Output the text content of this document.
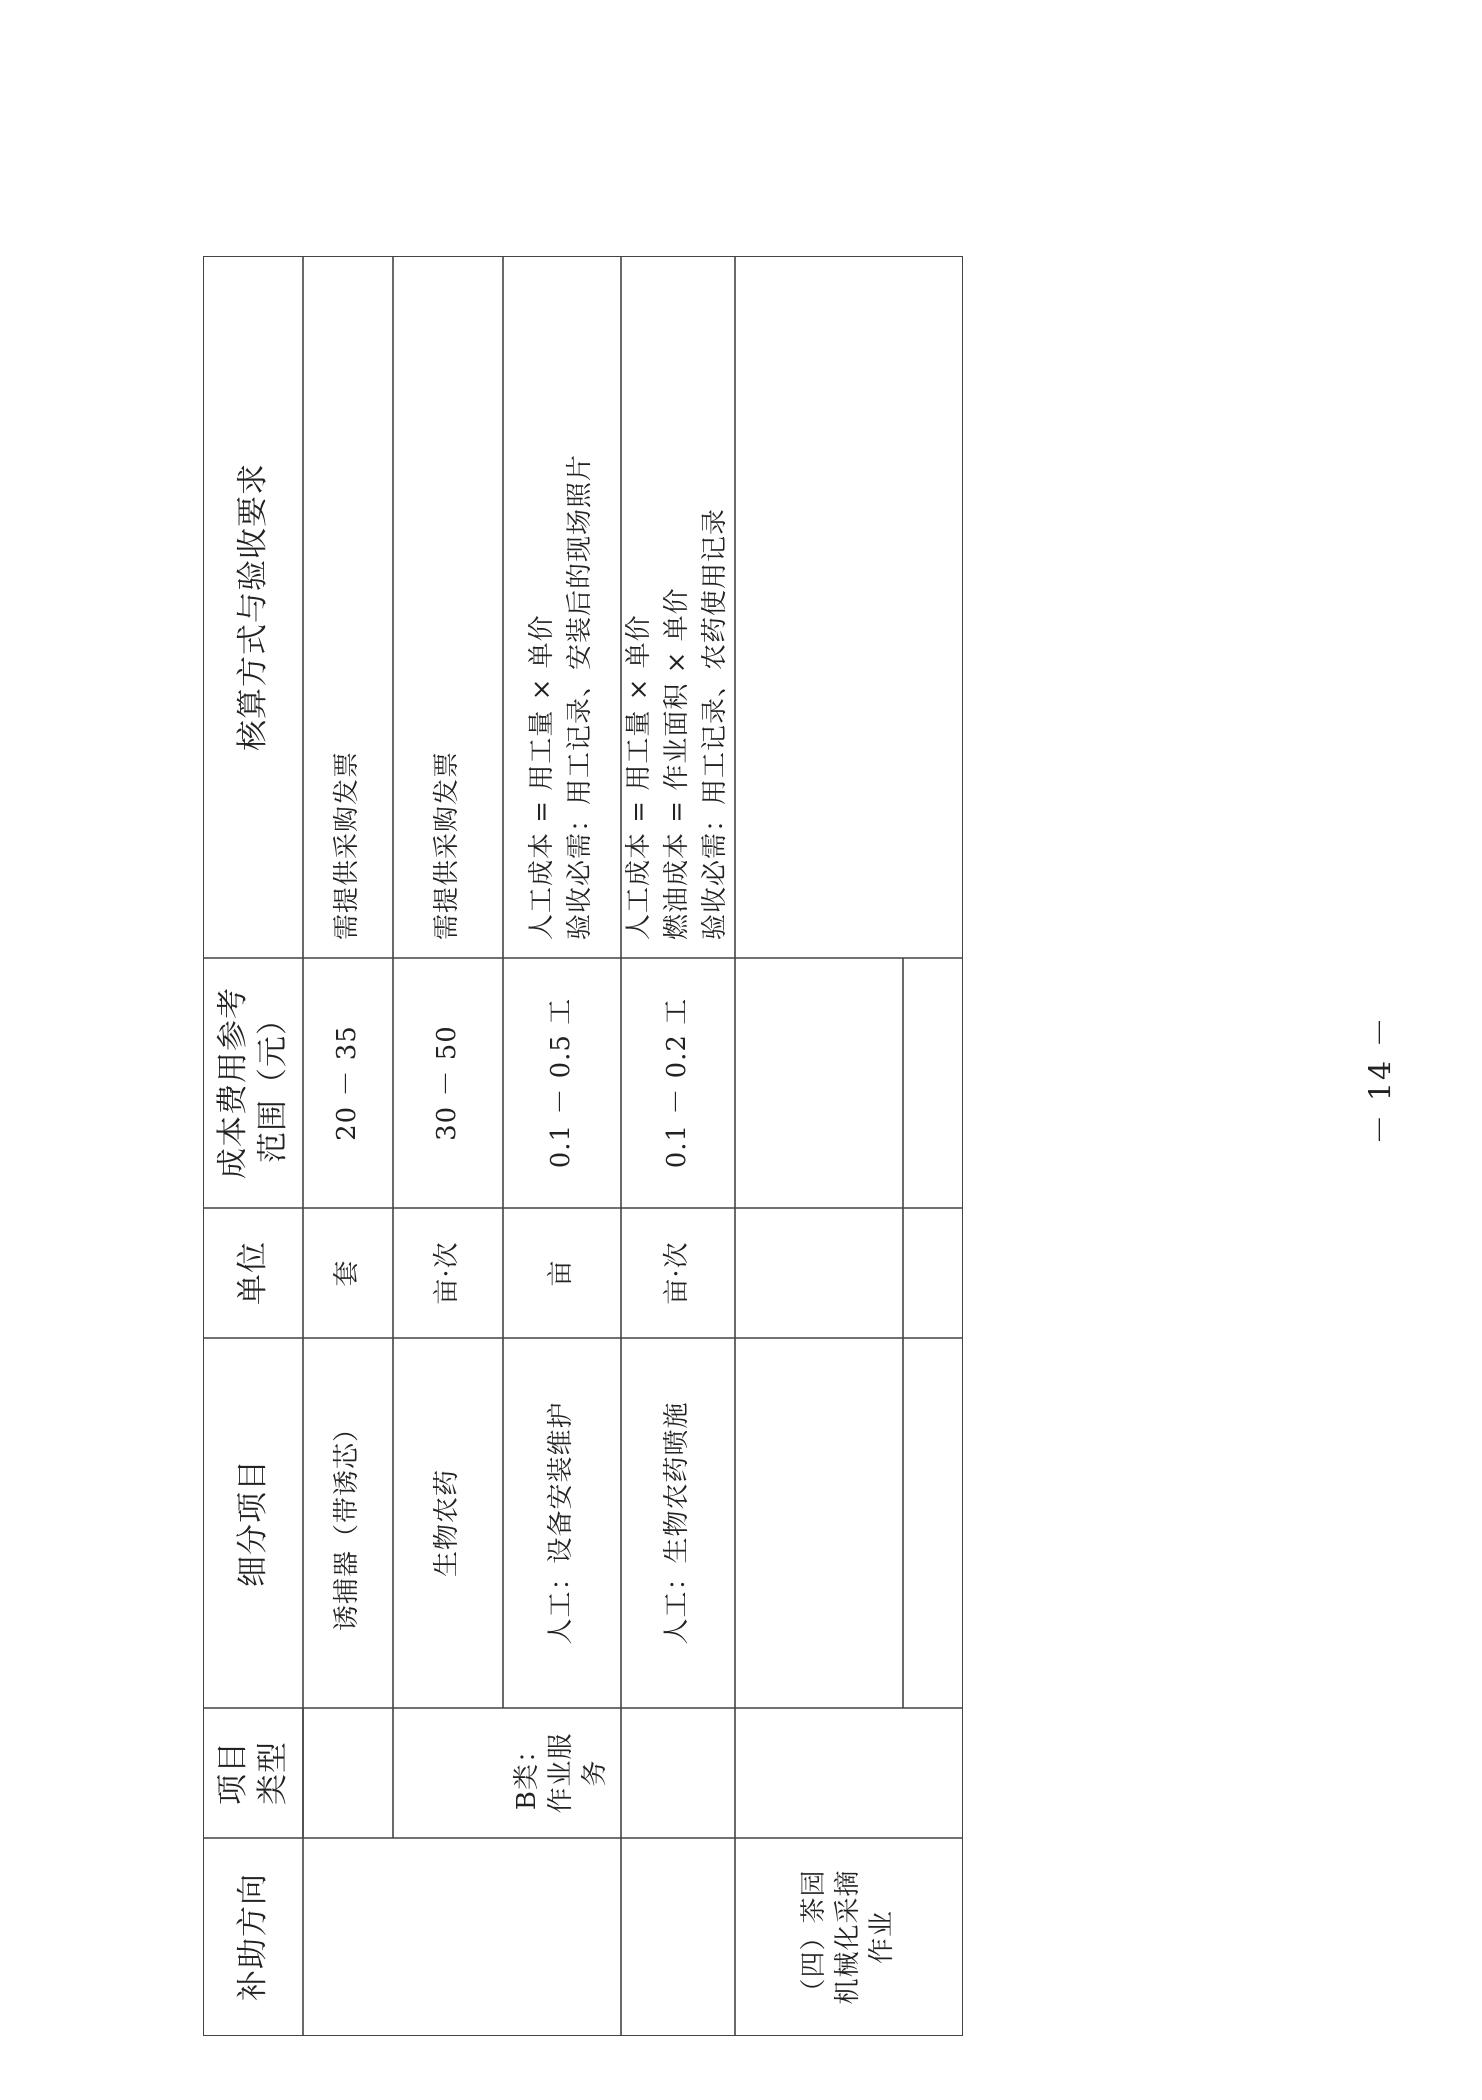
补助方向
项目类型
细分项目
单位
成本费用参考范围（元）
核算方式与验收要求
诱捕器（带诱芯）
套
20 － 35
需提供采购发票
生物农药
亩·次
30 － 50
需提供采购发票
B类：作业服务
人工：设备安装维护
亩
0.1 － 0.5 工
人工成本 = 用工量 × 单价 验收必需：用工记录、安装后的现场照片
人工：生物农药喷施
亩·次
0.1 － 0.2 工
人工成本 = 用工量 × 单价 燃油成本 = 作业面积 × 单价 验收必需：用工记录、农药使用记录
（四）茶园机械化采摘作业
－ 14 －
